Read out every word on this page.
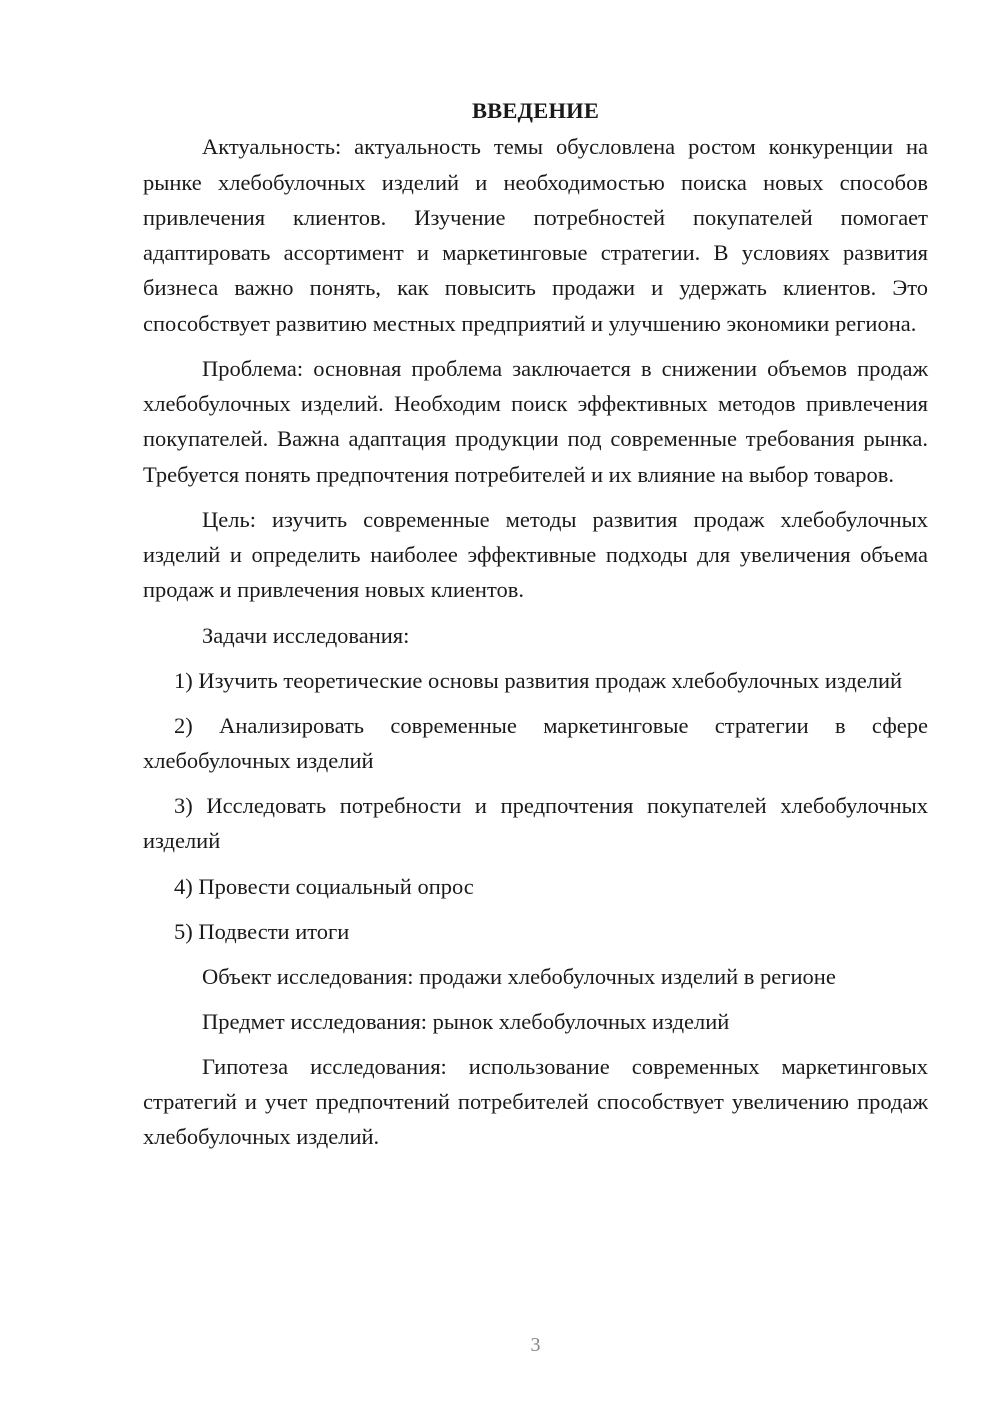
ВВЕДЕНИЕ

Актуальность: актуальность темы обусловлена ростом конкуренции на рынке хлебобулочных изделий и необходимостью поиска новых способов привлечения клиентов. Изучение потребностей покупателей помогает адаптировать ассортимент и маркетинговые стратегии. В условиях развития бизнеса важно понять, как повысить продажи и удержать клиентов. Это способствует развитию местных предприятий и улучшению экономики региона.

Проблема: основная проблема заключается в снижении объемов продаж хлебобулочных изделий. Необходим поиск эффективных методов привлечения покупателей. Важна адаптация продукции под современные требования рынка. Требуется понять предпочтения потребителей и их влияние на выбор товаров.

Цель: изучить современные методы развития продаж хлебобулочных изделий и определить наиболее эффективные подходы для увеличения объема продаж и привлечения новых клиентов.

Задачи исследования:

1) Изучить теоретические основы развития продаж хлебобулочных изделий

2) Анализировать современные маркетинговые стратегии в сфере хлебобулочных изделий

3) Исследовать потребности и предпочтения покупателей хлебобулочных изделий

4) Провести социальный опрос

5) Подвести итоги

Объект исследования: продажи хлебобулочных изделий в регионе

Предмет исследования: рынок хлебобулочных изделий

Гипотеза исследования: использование современных маркетинговых стратегий и учет предпочтений потребителей способствует увеличению продаж хлебобулочных изделий.

3
